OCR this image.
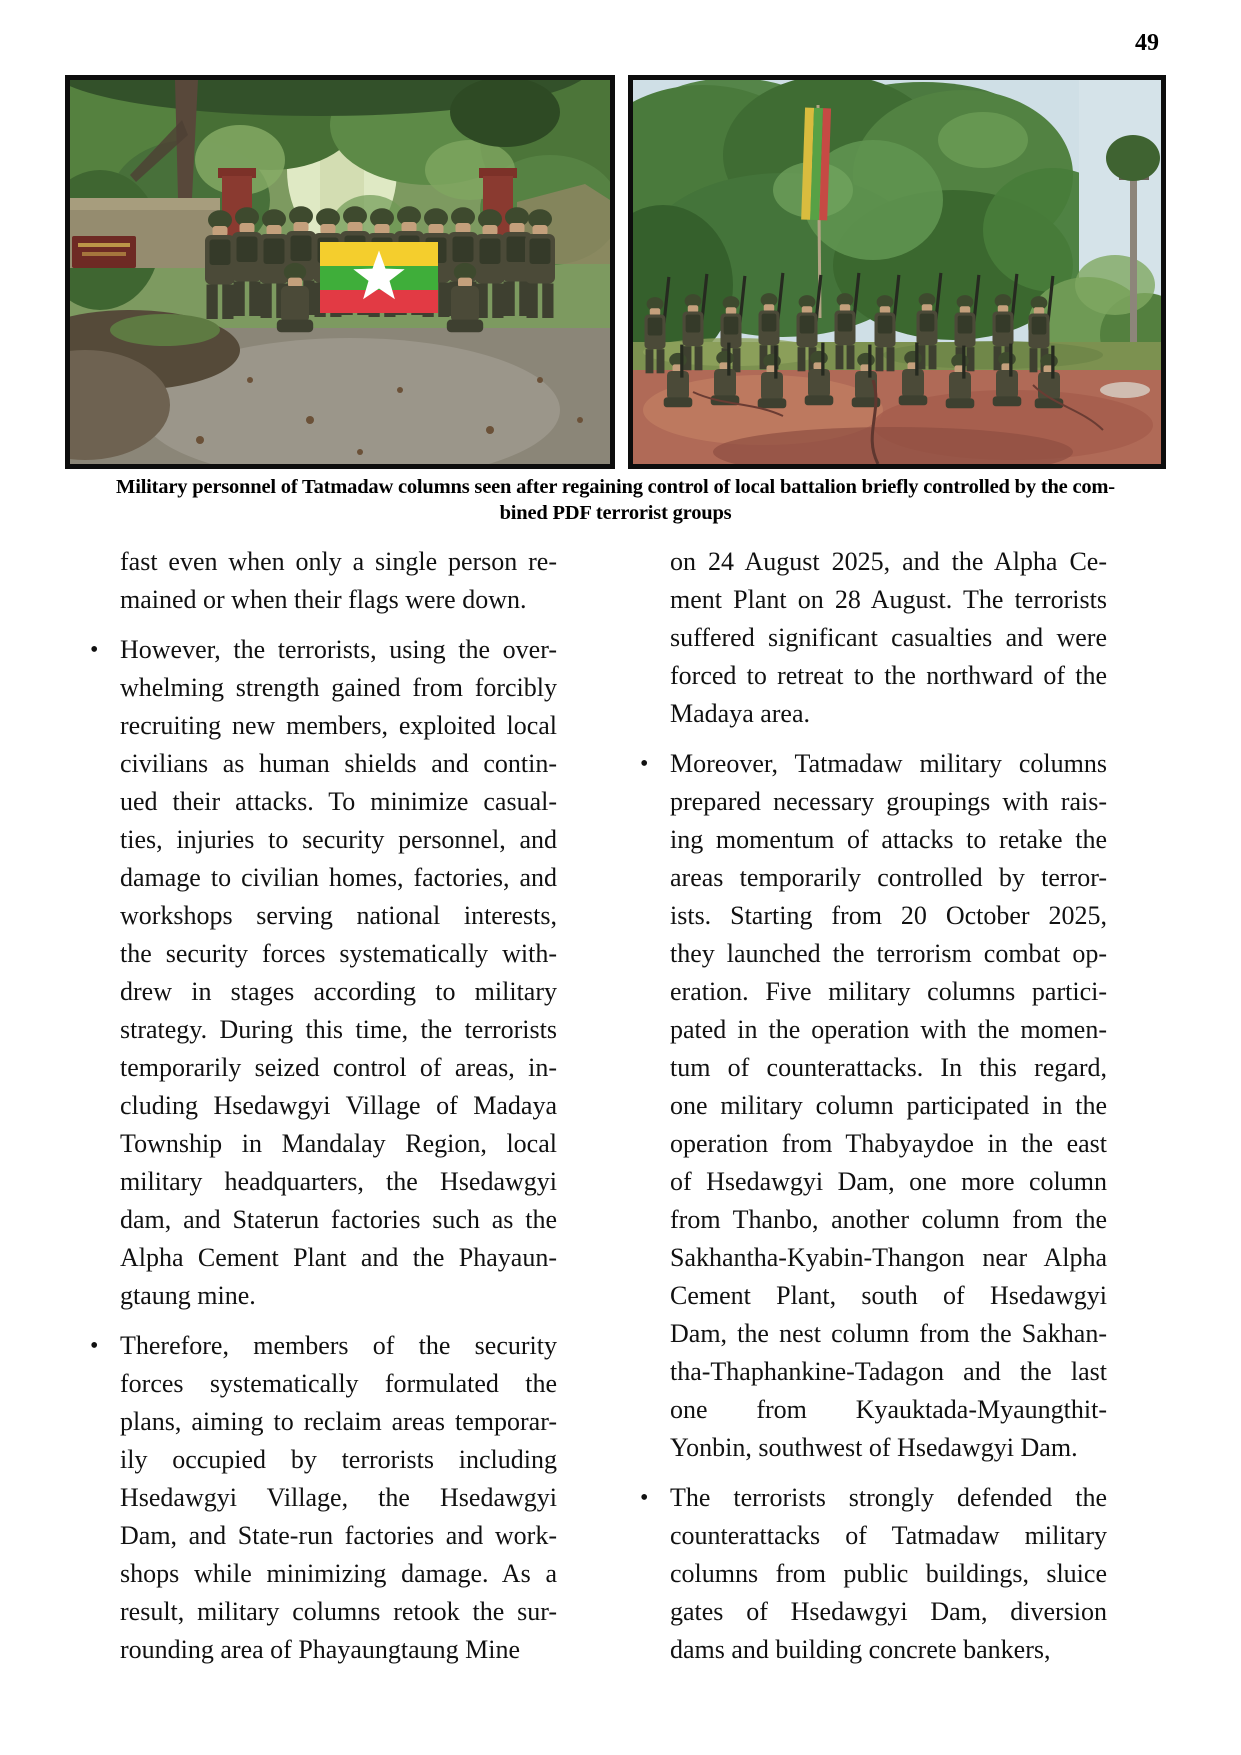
49
Military personnel of Tatmadaw columns seen after regaining control of local battalion briefly controlled by the com-
bined PDF terrorist groups
fast even when only a single person re-
mained or when their flags were down.
• However, the terrorists, using the over-
whelming strength gained from forcibly
recruiting new members, exploited local
civilians as human shields and contin-
ued their attacks. To minimize casual-
ties, injuries to security personnel, and
damage to civilian homes, factories, and
workshops serving national interests,
the security forces systematically with-
drew in stages according to military
strategy. During this time, the terrorists
temporarily seized control of areas, in-
cluding Hsedawgyi Village of Madaya
Township in Mandalay Region, local
military headquarters, the Hsedawgyi
dam, and Staterun factories such as the
Alpha Cement Plant and the Phayaun-
gtaung mine.
• Therefore, members of the security
forces systematically formulated the
plans, aiming to reclaim areas temporar-
ily occupied by terrorists including
Hsedawgyi Village, the Hsedawgyi
Dam, and State-run factories and work-
shops while minimizing damage. As a
result, military columns retook the sur-
rounding area of Phayaungtaung Mine
on 24 August 2025, and the Alpha Ce-
ment Plant on 28 August. The terrorists
suffered significant casualties and were
forced to retreat to the northward of the
Madaya area.
• Moreover, Tatmadaw military columns
prepared necessary groupings with rais-
ing momentum of attacks to retake the
areas temporarily controlled by terror-
ists. Starting from 20 October 2025,
they launched the terrorism combat op-
eration. Five military columns partici-
pated in the operation with the momen-
tum of counterattacks. In this regard,
one military column participated in the
operation from Thabyaydoe in the east
of Hsedawgyi Dam, one more column
from Thanbo, another column from the
Sakhantha-Kyabin-Thangon near Alpha
Cement Plant, south of Hsedawgyi
Dam, the nest column from the Sakhan-
tha-Thaphankine-Tadagon and the last
one from Kyauktada-Myaungthit-
Yonbin, southwest of Hsedawgyi Dam.
• The terrorists strongly defended the
counterattacks of Tatmadaw military
columns from public buildings, sluice
gates of Hsedawgyi Dam, diversion
dams and building concrete bankers,
